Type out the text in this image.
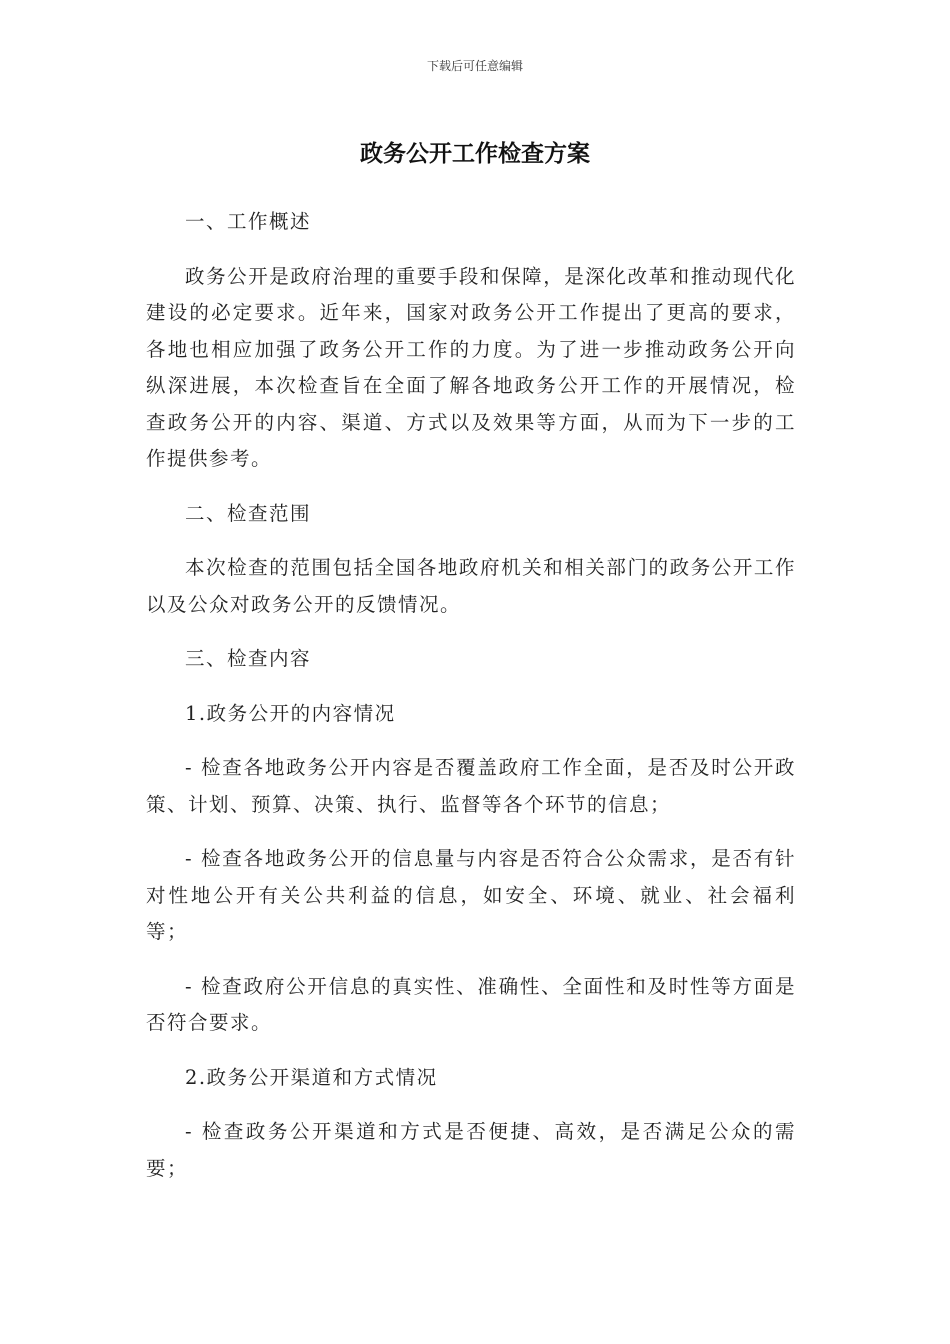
下载后可任意编辑
政务公开工作检查方案

一、工作概述

政务公开是政府治理的重要手段和保障，是深化改革和推动现代化建设的必定要求。近年来，国家对政务公开工作提出了更高的要求，各地也相应加强了政务公开工作的力度。为了进一步推动政务公开向纵深进展，本次检查旨在全面了解各地政务公开工作的开展情况，检查政务公开的内容、渠道、方式以及效果等方面，从而为下一步的工作提供参考。

二、检查范围

本次检查的范围包括全国各地政府机关和相关部门的政务公开工作以及公众对政务公开的反馈情况。

三、检查内容

1.政务公开的内容情况

- 检查各地政务公开内容是否覆盖政府工作全面，是否及时公开政策、计划、预算、决策、执行、监督等各个环节的信息；

- 检查各地政务公开的信息量与内容是否符合公众需求，是否有针对性地公开有关公共利益的信息，如安全、环境、就业、社会福利等；

- 检查政府公开信息的真实性、准确性、全面性和及时性等方面是否符合要求。

2.政务公开渠道和方式情况

- 检查政务公开渠道和方式是否便捷、高效，是否满足公众的需要；
